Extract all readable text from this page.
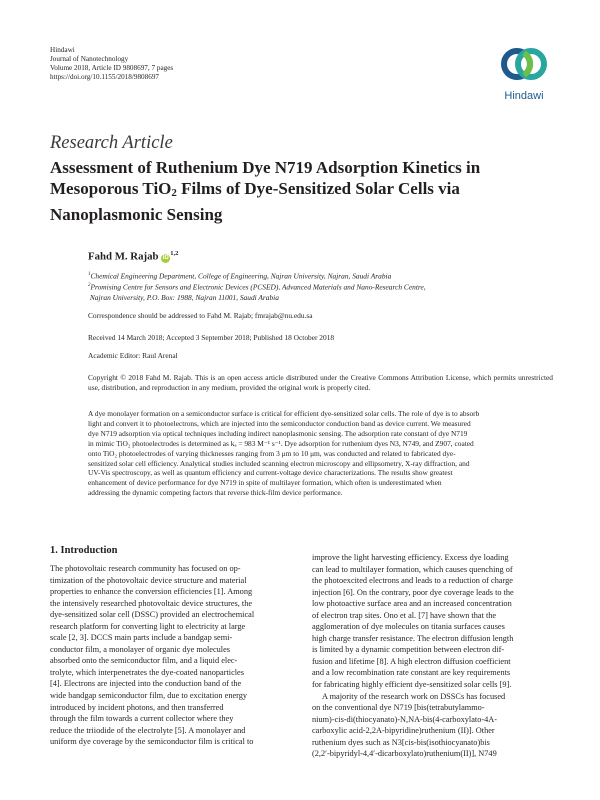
Hindawi
Journal of Nanotechnology
Volume 2018, Article ID 9808697, 7 pages
https://doi.org/10.1155/2018/9808697
Hindawi
Research Article
Assessment of Ruthenium Dye N719 Adsorption Kinetics in
Mesoporous TiO$_2$ Films of Dye-Sensitized Solar Cells via
Nanoplasmonic Sensing
Fahd M. Rajab iD$^{1,2}$
$^1$Chemical Engineering Department, College of Engineering, Najran University, Najran, Saudi Arabia
$^2$Promising Centre for Sensors and Electronic Devices (PCSED), Advanced Materials and Nano-Research Centre,
Najran University, P.O. Box: 1988, Najran 11001, Saudi Arabia
Correspondence should be addressed to Fahd M. Rajab; fmrajab@nu.edu.sa
Received 14 March 2018; Accepted 3 September 2018; Published 18 October 2018
Academic Editor: Raul Arenal
Copyright © 2018 Fahd M. Rajab. This is an open access article distributed under the Creative Commons Attribution License, which permits unrestricted use, distribution, and reproduction in any medium, provided the original work is properly cited.
A dye monolayer formation on a semiconductor surface is critical for efficient dye-sensitized solar cells. The role of dye is to absorb
light and convert it to photoelectrons, which are injected into the semiconductor conduction band as device current. We measured
dye N719 adsorption via optical techniques including indirect nanoplasmonic sensing. The adsorption rate constant of dye N719
in mimic TiO₂ photoelectrodes is determined as kₐ = 983 M⁻¹ s⁻¹. Dye adsorption for ruthenium dyes N3, N749, and Z907, coated
onto TiO₂ photoelectrodes of varying thicknesses ranging from 3 μm to 10 μm, was conducted and related to fabricated dye-
sensitized solar cell efficiency. Analytical studies included scanning electron microscopy and ellipsometry, X-ray diffraction, and
UV-Vis spectroscopy, as well as quantum efficiency and current-voltage device characterizations. The results show greatest
enhancement of device performance for dye N719 in spite of multilayer formation, which often is underestimated when
addressing the dynamic competing factors that reverse thick-film device performance.
1. Introduction
The photovoltaic research community has focused on op-
timization of the photovoltaic device structure and material
properties to enhance the conversion efficiencies [1]. Among
the intensively researched photovoltaic device structures, the
dye-sensitized solar cell (DSSC) provided an electrochemical
research platform for converting light to electricity at large
scale [2, 3]. DCCS main parts include a bandgap semi-
conductor film, a monolayer of organic dye molecules
absorbed onto the semiconductor film, and a liquid elec-
trolyte, which interpenetrates the dye-coated nanoparticles
[4]. Electrons are injected into the conduction band of the
wide bandgap semiconductor film, due to excitation energy
introduced by incident photons, and then transferred
through the film towards a current collector where they
reduce the triiodide of the electrolyte [5]. A monolayer and
uniform dye coverage by the semiconductor film is critical to
improve the light harvesting efficiency. Excess dye loading
can lead to multilayer formation, which causes quenching of
the photoexcited electrons and leads to a reduction of charge
injection [6]. On the contrary, poor dye coverage leads to the
low photoactive surface area and an increased concentration
of electron trap sites. Ono et al. [7] have shown that the
agglomeration of dye molecules on titania surfaces causes
high charge transfer resistance. The electron diffusion length
is limited by a dynamic competition between electron dif-
fusion and lifetime [8]. A high electron diffusion coefficient
and a low recombination rate constant are key requirements
for fabricating highly efficient dye-sensitized solar cells [9].
A majority of the research work on DSSCs has focused
on the conventional dye N719 [bis(tetrabutylammo-
nium)-cis-di(thiocyanato)-N,NA-bis(4-carboxylato-4A-
carboxylic acid-2,2A-bipyridine)ruthenium (II)]. Other
ruthenium dyes such as N3[cis-bis(isothiocyanato)bis
(2,2′-bipyridyl-4,4′-dicarboxylato)ruthenium(II)], N749
